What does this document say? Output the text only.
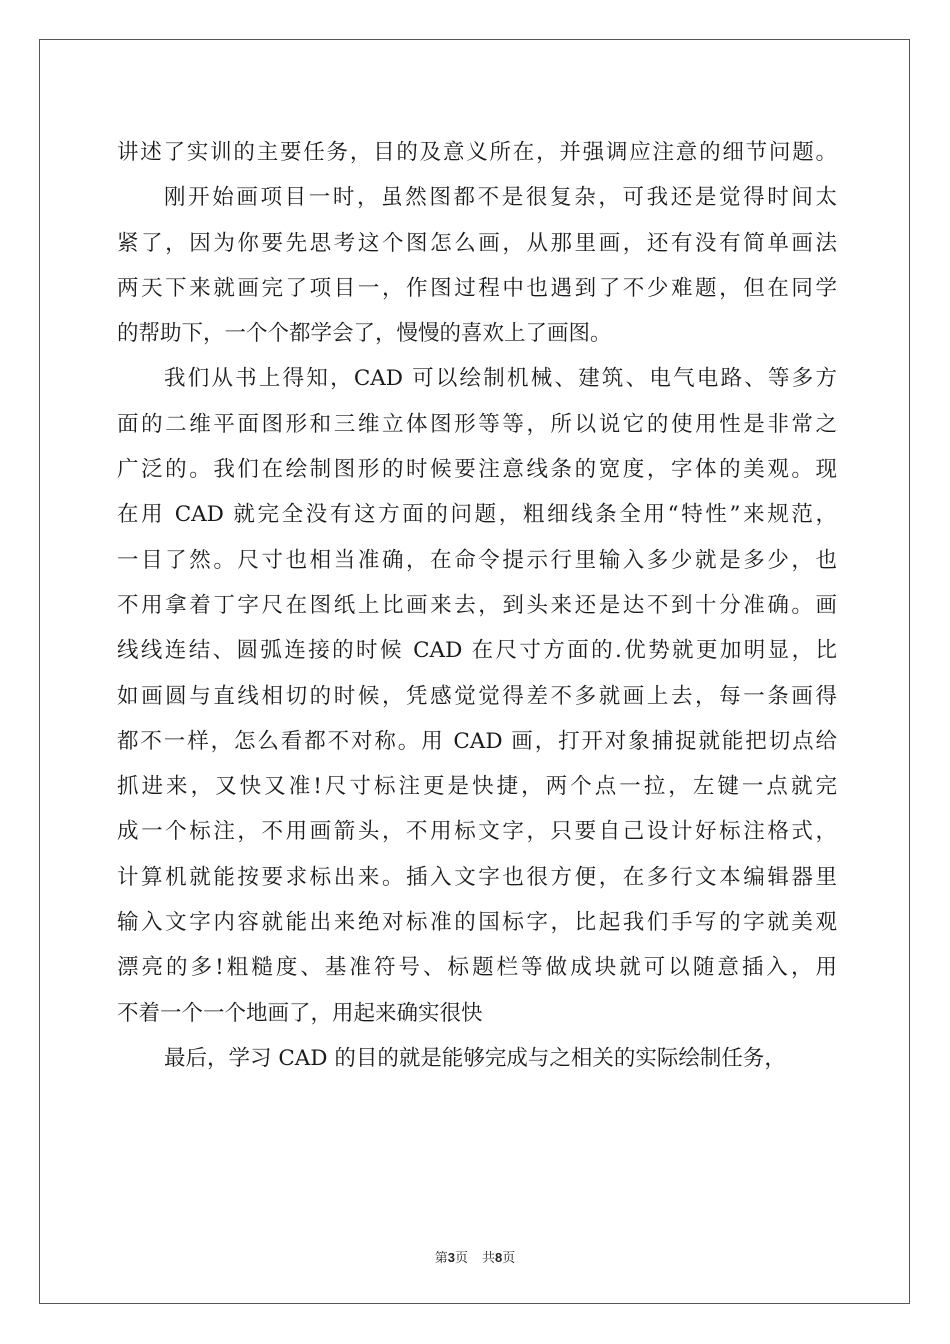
讲述了实训的主要任务，目的及意义所在，并强调应注意的细节问题。
刚开始画项目一时，虽然图都不是很复杂，可我还是觉得时间太
紧了，因为你要先思考这个图怎么画，从那里画，还有没有简单画法
两天下来就画完了项目一，作图过程中也遇到了不少难题，但在同学
的帮助下，一个个都学会了，慢慢的喜欢上了画图。
我们从书上得知，CAD 可以绘制机械、建筑、电气电路、等多方
面的二维平面图形和三维立体图形等等，所以说它的使用性是非常之
广泛的。我们在绘制图形的时候要注意线条的宽度，字体的美观。现
在用 CAD 就完全没有这方面的问题，粗细线条全用“特性”来规范，
一目了然。尺寸也相当准确，在命令提示行里输入多少就是多少，也
不用拿着丁字尺在图纸上比画来去，到头来还是达不到十分准确。画
线线连结、圆弧连接的时候 CAD 在尺寸方面的.优势就更加明显，比
如画圆与直线相切的时候，凭感觉觉得差不多就画上去，每一条画得
都不一样，怎么看都不对称。用 CAD 画，打开对象捕捉就能把切点给
抓进来，又快又准!尺寸标注更是快捷，两个点一拉，左键一点就完
成一个标注，不用画箭头，不用标文字，只要自己设计好标注格式，
计算机就能按要求标出来。插入文字也很方便，在多行文本编辑器里
输入文字内容就能出来绝对标准的国标字，比起我们手写的字就美观
漂亮的多!粗糙度、基准符号、标题栏等做成块就可以随意插入，用
不着一个一个地画了，用起来确实很快
最后，学习 CAD 的目的就是能够完成与之相关的实际绘制任务，
第3页 共8页
